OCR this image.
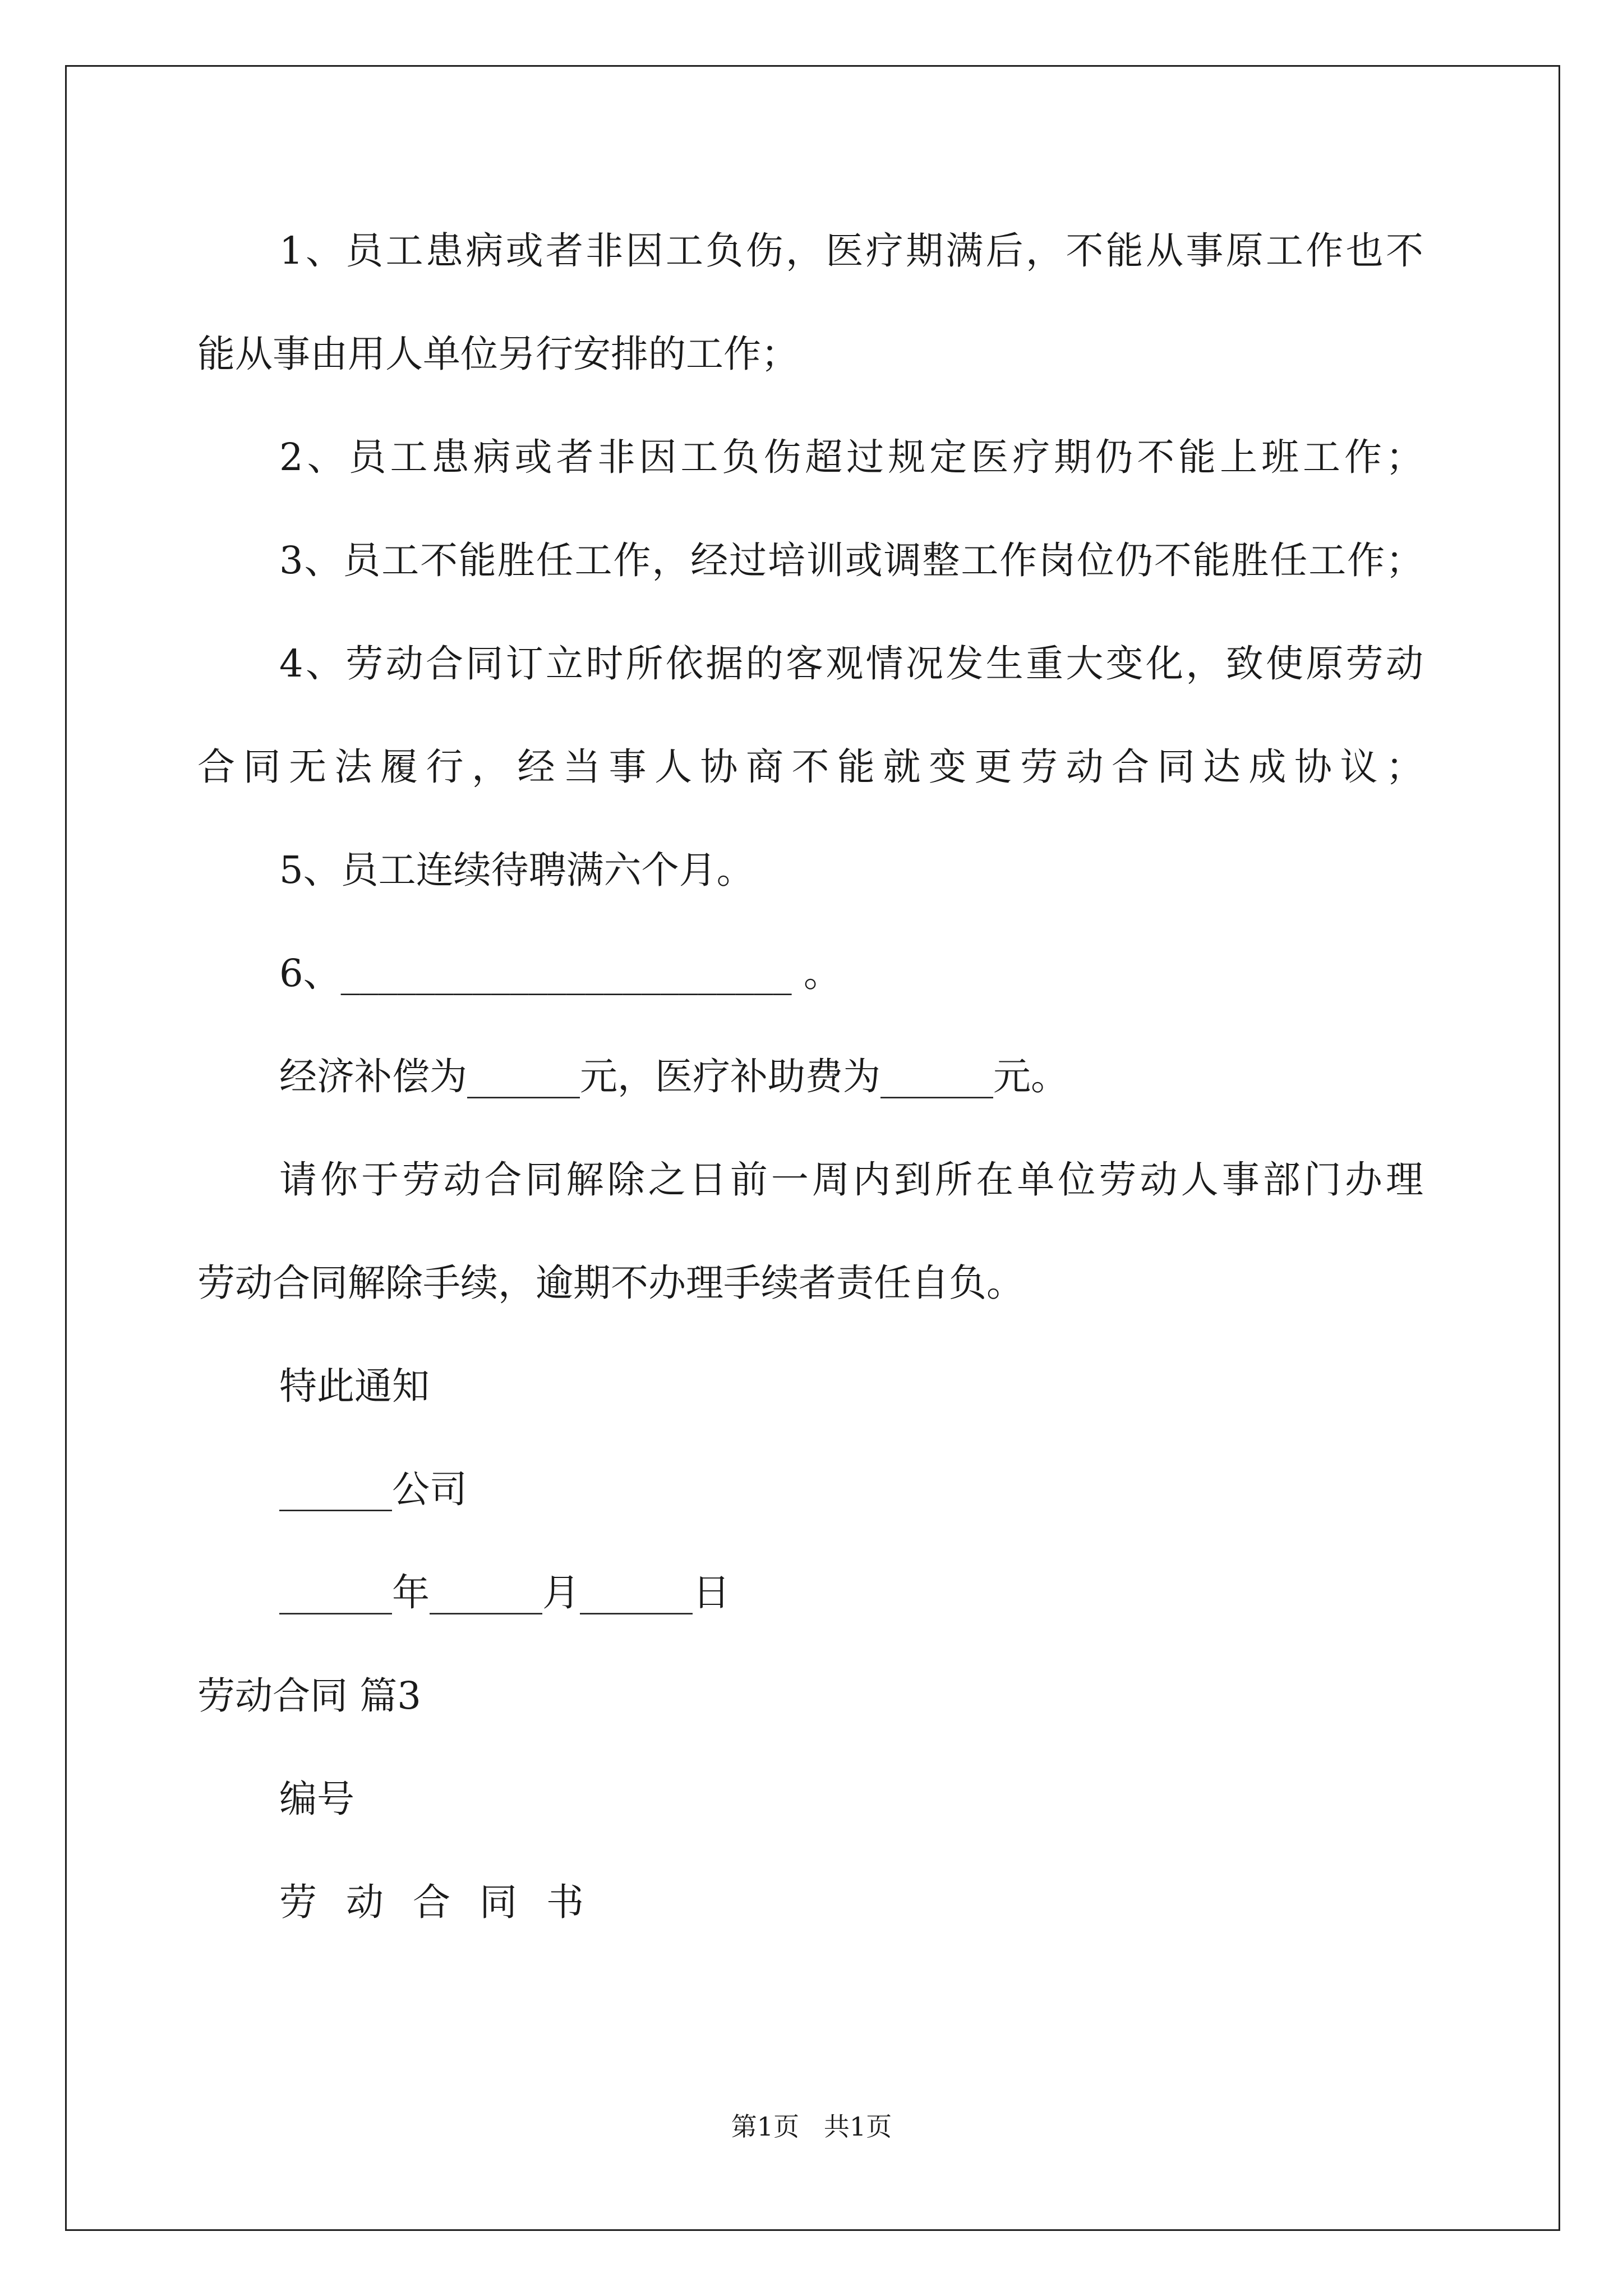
1、员工患病或者非因工负伤，医疗期满后，不能从事原工作也不
能从事由用人单位另行安排的工作；
2、员工患病或者非因工负伤超过规定医疗期仍不能上班工作；
3、员工不能胜任工作，经过培训或调整工作岗位仍不能胜任工作；
4、劳动合同订立时所依据的客观情况发生重大变化，致使原劳动
合同无法履行，经当事人协商不能就变更劳动合同达成协议；
5、员工连续待聘满六个月。
6、________________________ 。
经济补偿为______元，医疗补助费为______元。
请你于劳动合同解除之日前一周内到所在单位劳动人事部门办理
劳动合同解除手续，逾期不办理手续者责任自负。
特此通知
______公司
______年______月______日
劳动合同 篇3
编号
劳动合同书
第1页   共1页
